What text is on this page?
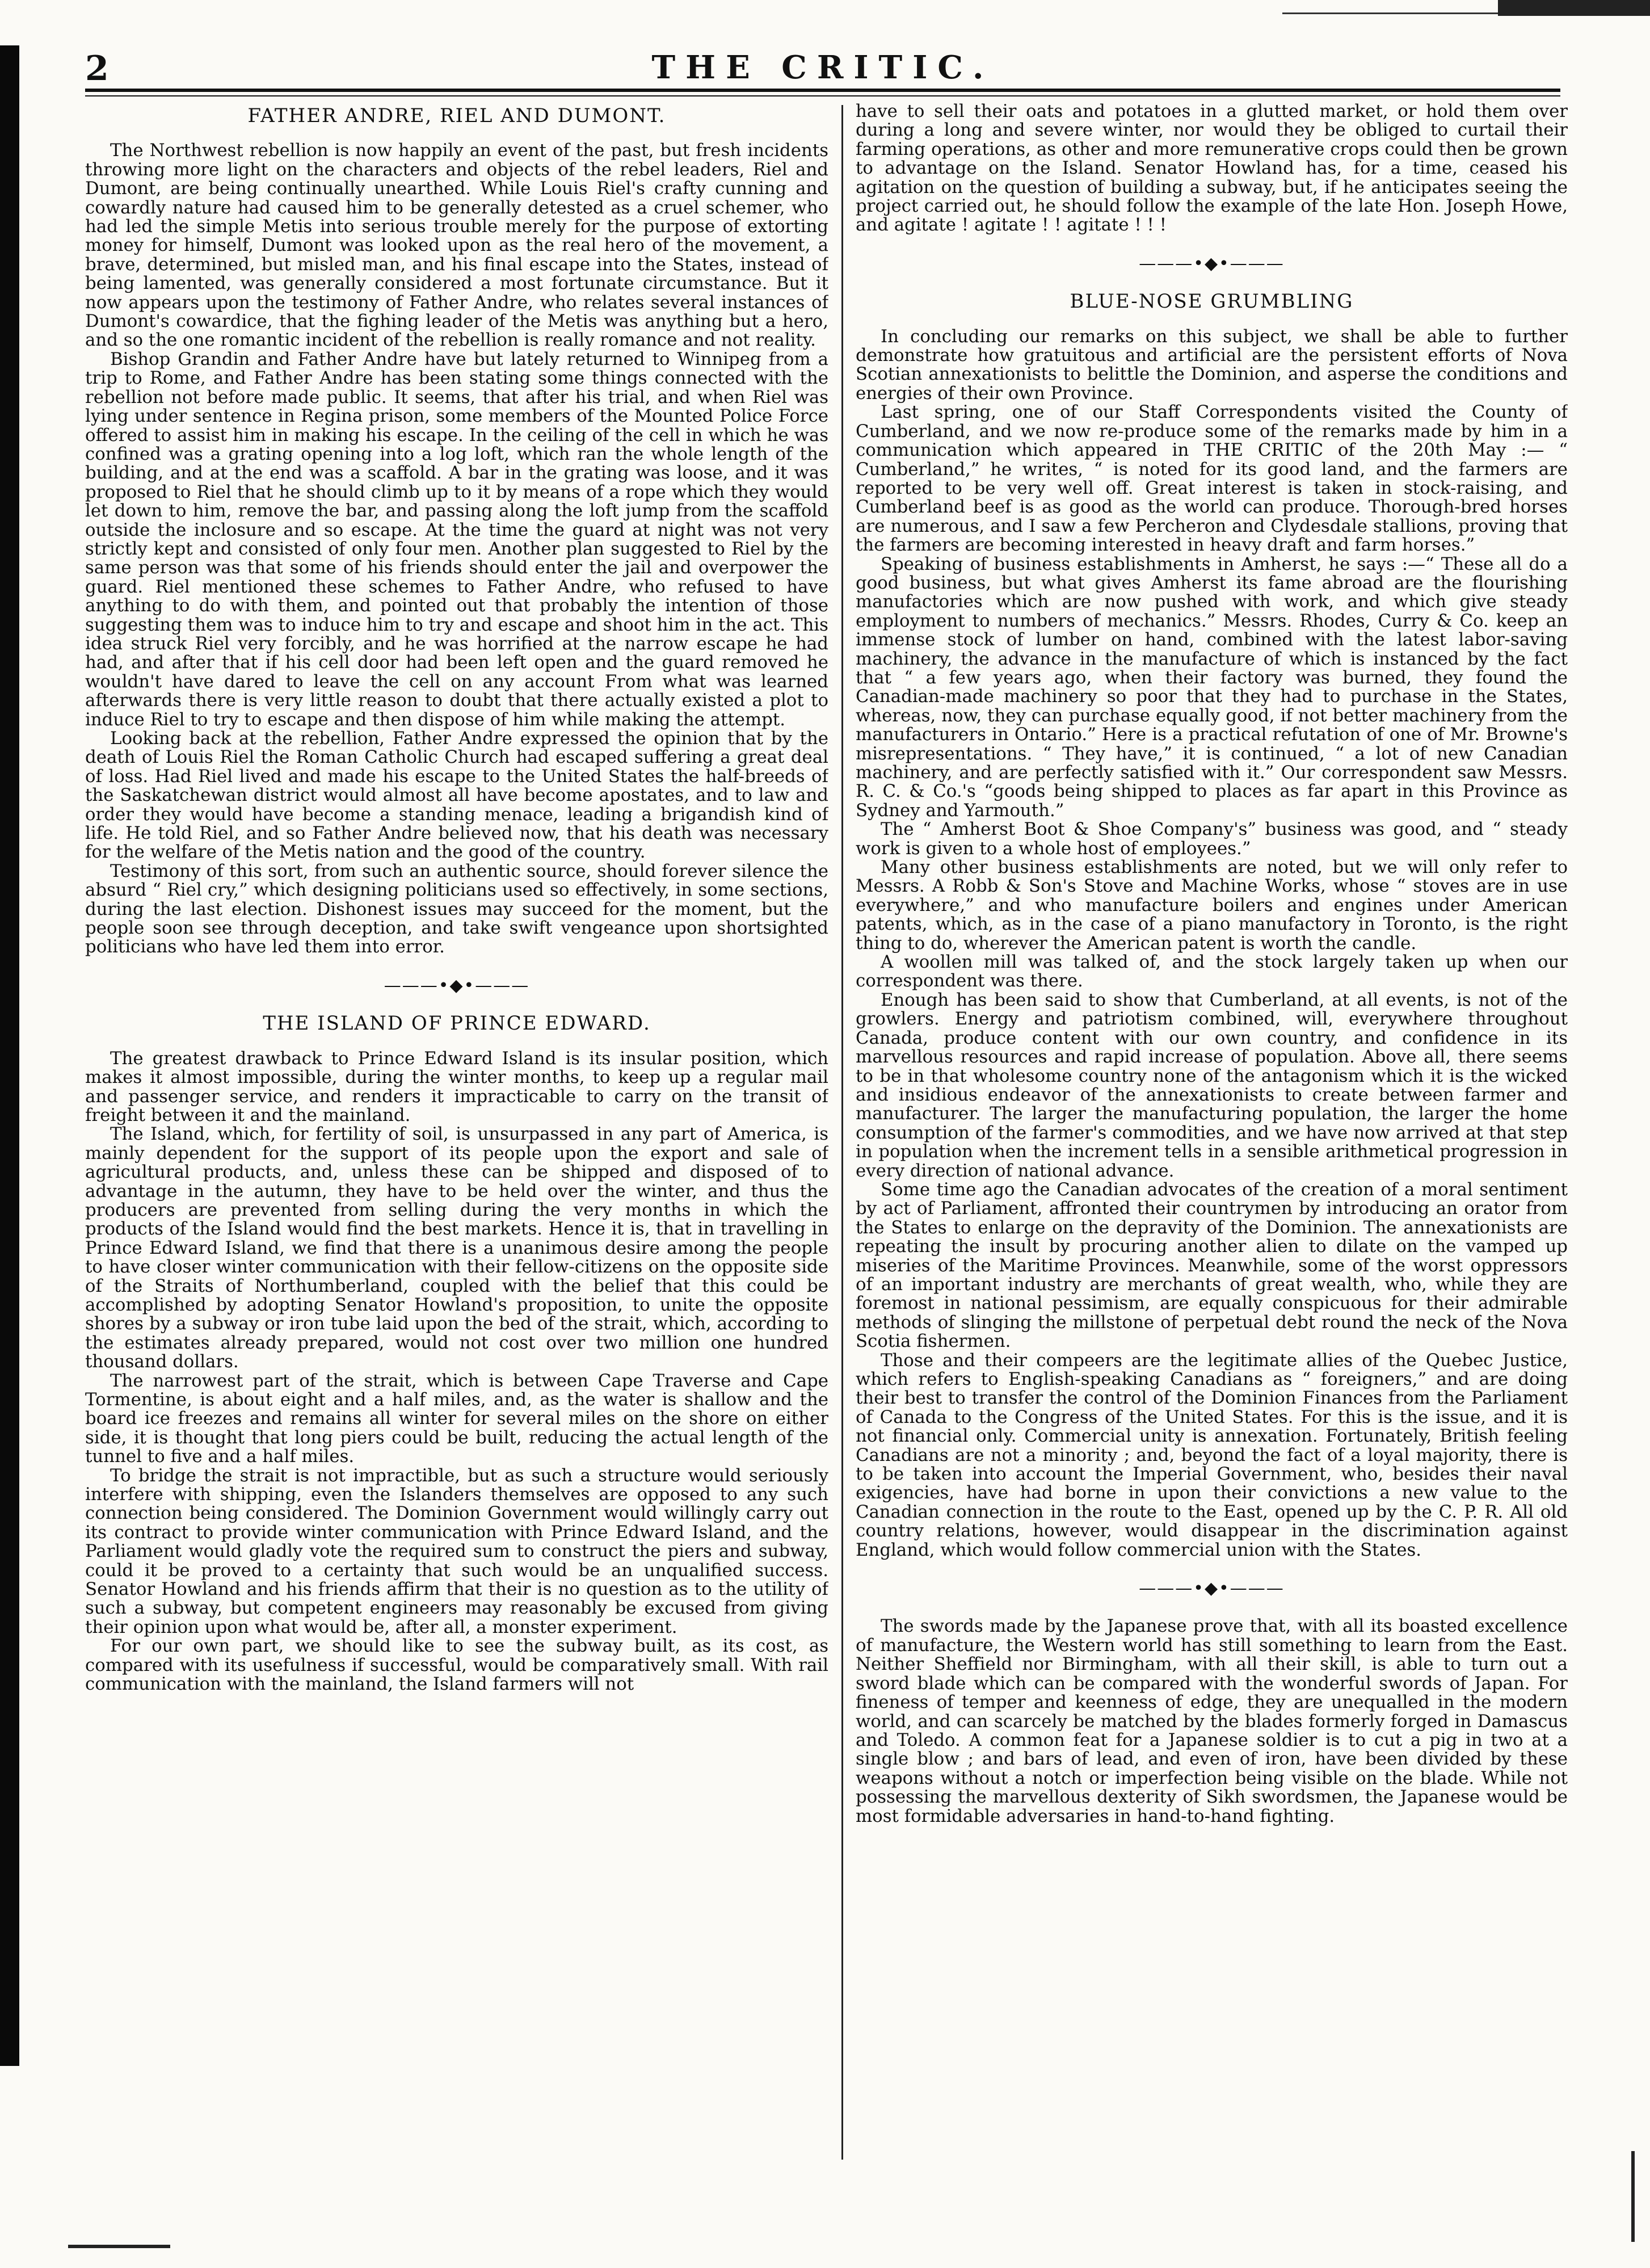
2	THE CRITIC.
FATHER ANDRE, RIEL AND DUMONT.

The Northwest rebellion is now happily an event of the past, but fresh incidents throwing more light on the characters and objects of the rebel leaders, Riel and Dumont, are being continually unearthed. While Louis Riel's crafty cunning and cowardly nature had caused him to be generally detested as a cruel schemer, who had led the simple Metis into serious trouble merely for the purpose of extorting money for himself, Dumont was looked upon as the real hero of the movement, a brave, determined, but misled man, and his final escape into the States, instead of being lamented, was generally considered a most fortunate circumstance. But it now appears upon the testimony of Father Andre, who relates several instances of Dumont's cowardice, that the fighing leader of the Metis was anything but a hero, and so the one romantic incident of the rebellion is really romance and not reality.

Bishop Grandin and Father Andre have but lately returned to Winnipeg from a trip to Rome, and Father Andre has been stating some things connected with the rebellion not before made public. It seems, that after his trial, and when Riel was lying under sentence in Regina prison, some members of the Mounted Police Force offered to assist him in making his escape. In the ceiling of the cell in which he was confined was a grating opening into a log loft, which ran the whole length of the building, and at the end was a scaffold. A bar in the grating was loose, and it was proposed to Riel that he should climb up to it by means of a rope which they would let down to him, remove the bar, and passing along the loft jump from the scaffold outside the inclosure and so escape. At the time the guard at night was not very strictly kept and consisted of only four men. Another plan suggested to Riel by the same person was that some of his friends should enter the jail and overpower the guard. Riel mentioned these schemes to Father Andre, who refused to have anything to do with them, and pointed out that probably the intention of those suggesting them was to induce him to try and escape and shoot him in the act. This idea struck Riel very forcibly, and he was horrified at the narrow escape he had had, and after that if his cell door had been left open and the guard removed he wouldn't have dared to leave the cell on any account From what was learned afterwards there is very little reason to doubt that there actually existed a plot to induce Riel to try to escape and then dispose of him while making the attempt.

Looking back at the rebellion, Father Andre expressed the opinion that by the death of Louis Riel the Roman Catholic Church had escaped suffering a great deal of loss. Had Riel lived and made his escape to the United States the half-breeds of the Saskatchewan district would almost all have become apostates, and to law and order they would have become a standing menace, leading a brigandish kind of life. He told Riel, and so Father Andre believed now, that his death was necessary for the welfare of the Metis nation and the good of the country.

Testimony of this sort, from such an authentic source, should forever silence the absurd “ Riel cry,” which designing politicians used so effectively, in some sections, during the last election. Dishonest issues may succeed for the moment, but the people soon see through deception, and take swift vengeance upon shortsighted politicians who have led them into error.

———•◆•———
THE ISLAND OF PRINCE EDWARD.

The greatest drawback to Prince Edward Island is its insular position, which makes it almost impossible, during the winter months, to keep up a regular mail and passenger service, and renders it impracticable to carry on the transit of freight between it and the mainland.

The Island, which, for fertility of soil, is unsurpassed in any part of America, is mainly dependent for the support of its people upon the export and sale of agricultural products, and, unless these can be shipped and disposed of to advantage in the autumn, they have to be held over the winter, and thus the producers are prevented from selling during the very months in which the products of the Island would find the best markets. Hence it is, that in travelling in Prince Edward Island, we find that there is a unanimous desire among the people to have closer winter communication with their fellow-citizens on the opposite side of the Straits of Northumberland, coupled with the belief that this could be accomplished by adopting Senator Howland's proposition, to unite the opposite shores by a subway or iron tube laid upon the bed of the strait, which, according to the estimates already prepared, would not cost over two million one hundred thousand dollars.

The narrowest part of the strait, which is between Cape Traverse and Cape Tormentine, is about eight and a half miles, and, as the water is shallow and the board ice freezes and remains all winter for several miles on the shore on either side, it is thought that long piers could be built, reducing the actual length of the tunnel to five and a half miles.

To bridge the strait is not impractible, but as such a structure would seriously interfere with shipping, even the Islanders themselves are opposed to any such connection being considered. The Dominion Government would willingly carry out its contract to provide winter communication with Prince Edward Island, and the Parliament would gladly vote the required sum to construct the piers and subway, could it be proved to a certainty that such would be an unqualified success. Senator Howland and his friends affirm that their is no question as to the utility of such a subway, but competent engineers may reasonably be excused from giving their opinion upon what would be, after all, a monster experiment.

For our own part, we should like to see the subway built, as its cost, as compared with its usefulness if successful, would be comparatively small. With rail communication with the mainland, the Island farmers will not

have to sell their oats and potatoes in a glutted market, or hold them over during a long and severe winter, nor would they be obliged to curtail their farming operations, as other and more remunerative crops could then be grown to advantage on the Island. Senator Howland has, for a time, ceased his agitation on the question of building a subway, but, if he anticipates seeing the project carried out, he should follow the example of the late Hon. Joseph Howe, and agitate ! agitate ! ! agitate ! ! !

———•◆•———
BLUE-NOSE GRUMBLING

In concluding our remarks on this subject, we shall be able to further demonstrate how gratuitous and artificial are the persistent efforts of Nova Scotian annexationists to belittle the Dominion, and asperse the conditions and energies of their own Province.

Last spring, one of our Staff Correspondents visited the County of Cumberland, and we now re-produce some of the remarks made by him in a communication which appeared in THE CRITIC of the 20th May :— “ Cumberland,” he writes, “ is noted for its good land, and the farmers are reported to be very well off. Great interest is taken in stock-raising, and Cumberland beef is as good as the world can produce. Thorough-bred horses are numerous, and I saw a few Percheron and Clydesdale stallions, proving that the farmers are becoming interested in heavy draft and farm horses.”

Speaking of business establishments in Amherst, he says :—“ These all do a good business, but what gives Amherst its fame abroad are the flourishing manufactories which are now pushed with work, and which give steady employment to numbers of mechanics.” Messrs. Rhodes, Curry & Co. keep an immense stock of lumber on hand, combined with the latest labor-saving machinery, the advance in the manufacture of which is instanced by the fact that “ a few years ago, when their factory was burned, they found the Canadian-made machinery so poor that they had to purchase in the States, whereas, now, they can purchase equally good, if not better machinery from the manufacturers in Ontario.” Here is a practical refutation of one of Mr. Browne's misrepresentations. “ They have,” it is continued, “ a lot of new Canadian machinery, and are perfectly satisfied with it.” Our correspondent saw Messrs. R. C. & Co.'s “goods being shipped to places as far apart in this Province as Sydney and Yarmouth.”

The “ Amherst Boot & Shoe Company's” business was good, and “ steady work is given to a whole host of employees.”

Many other business establishments are noted, but we will only refer to Messrs. A Robb & Son's Stove and Machine Works, whose “ stoves are in use everywhere,” and who manufacture boilers and engines under American patents, which, as in the case of a piano manufactory in Toronto, is the right thing to do, wherever the American patent is worth the candle.

A woollen mill was talked of, and the stock largely taken up when our correspondent was there.

Enough has been said to show that Cumberland, at all events, is not of the growlers. Energy and patriotism combined, will, everywhere throughout Canada, produce content with our own country, and confidence in its marvellous resources and rapid increase of population. Above all, there seems to be in that wholesome country none of the antagonism which it is the wicked and insidious endeavor of the annexationists to create between farmer and manufacturer. The larger the manufacturing population, the larger the home consumption of the farmer's commodities, and we have now arrived at that step in population when the increment tells in a sensible arithmetical progression in every direction of national advance.

Some time ago the Canadian advocates of the creation of a moral sentiment by act of Parliament, affronted their countrymen by introducing an orator from the States to enlarge on the depravity of the Dominion. The annexationists are repeating the insult by procuring another alien to dilate on the vamped up miseries of the Maritime Provinces. Meanwhile, some of the worst oppressors of an important industry are merchants of great wealth, who, while they are foremost in national pessimism, are equally conspicuous for their admirable methods of slinging the millstone of perpetual debt round the neck of the Nova Scotia fishermen.

Those and their compeers are the legitimate allies of the Quebec Justice, which refers to English-speaking Canadians as “ foreigners,” and are doing their best to transfer the control of the Dominion Finances from the Parliament of Canada to the Congress of the United States. For this is the issue, and it is not financial only. Commercial unity is annexation. Fortunately, British feeling Canadians are not a minority ; and, beyond the fact of a loyal majority, there is to be taken into account the Imperial Government, who, besides their naval exigencies, have had borne in upon their convictions a new value to the Canadian connection in the route to the East, opened up by the C. P. R. All old country relations, however, would disappear in the discrimination against England, which would follow commercial union with the States.

———•◆•———

The swords made by the Japanese prove that, with all its boasted excellence of manufacture, the Western world has still something to learn from the East. Neither Sheffield nor Birmingham, with all their skill, is able to turn out a sword blade which can be compared with the wonderful swords of Japan. For fineness of temper and keenness of edge, they are unequalled in the modern world, and can scarcely be matched by the blades formerly forged in Damascus and Toledo. A common feat for a Japanese soldier is to cut a pig in two at a single blow ; and bars of lead, and even of iron, have been divided by these weapons without a notch or imperfection being visible on the blade. While not possessing the marvellous dexterity of Sikh swordsmen, the Japanese would be most formidable adversaries in hand-to-hand fighting.
